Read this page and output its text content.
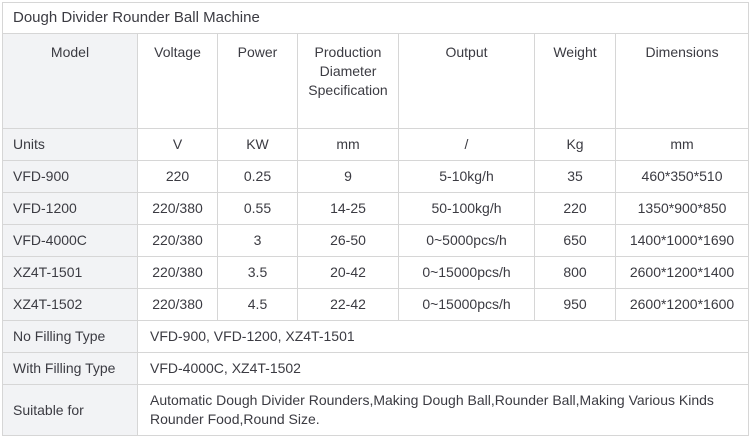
Dough Divider Rounder Ball Machine						
Model	Voltage	Power	Production Diameter Specification	Output	Weight	Dimensions
Units	V	KW	mm	/	Kg	mm
VFD-900	220	0.25	9	5-10kg/h	35	460*350*510
VFD-1200	220/380	0.55	14-25	50-100kg/h	220	1350*900*850
VFD-4000C	220/380	3	26-50	0~5000pcs/h	650	1400*1000*1690
XZ4T-1501	220/380	3.5	20-42	0~15000pcs/h	800	2600*1200*1400
XZ4T-1502	220/380	4.5	22-42	0~15000pcs/h	950	2600*1200*1600
No Filling Type	VFD-900, VFD-1200, XZ4T-1501					
With Filling Type	VFD-4000C, XZ4T-1502					
Suitable for	Automatic Dough Divider Rounders,Making Dough Ball,Rounder Ball,Making Various Kinds Rounder Food,Round Size.					
